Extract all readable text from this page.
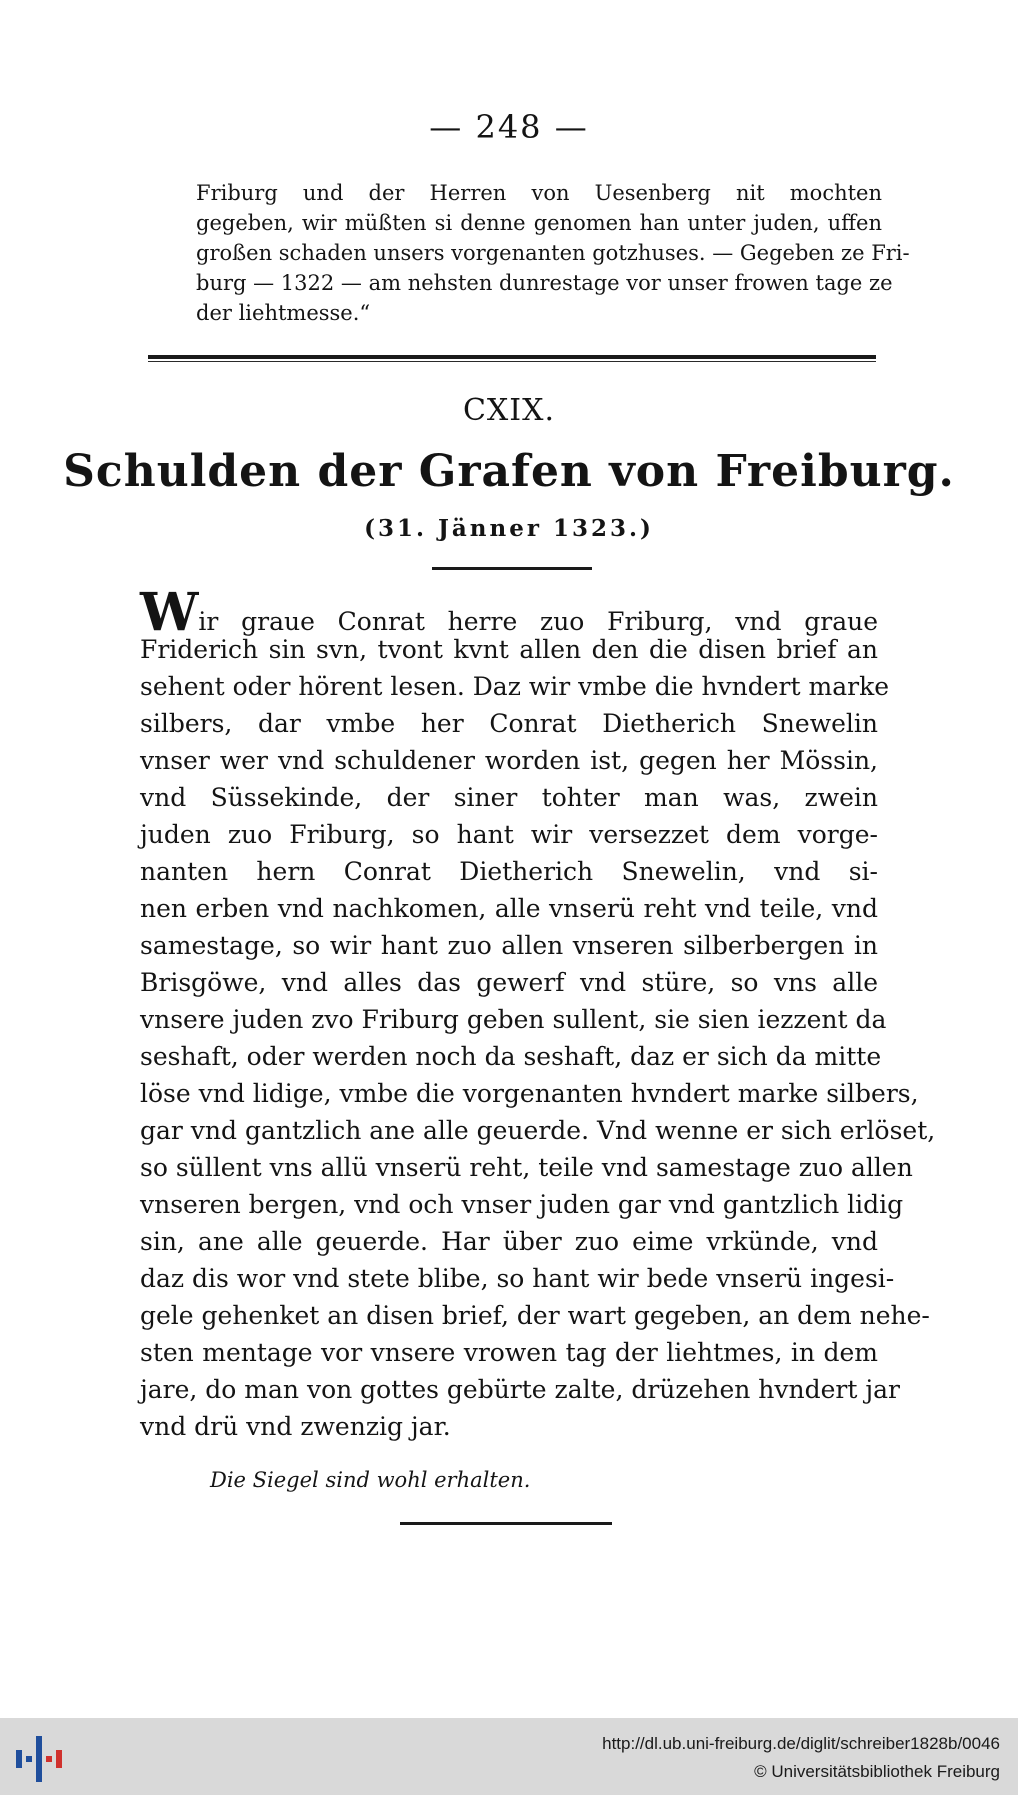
— 248 —
Friburg und der Herren von Uesenberg nit mochten
gegeben, wir müßten si denne genomen han unter juden, uffen
großen schaden unsers vorgenanten gotzhuses. — Gegeben ze Fri-
burg — 1322 — am nehsten dunrestage vor unser frowen tage ze
der liehtmesse.“
CXIX.
Schulden der Grafen von Freiburg.
(31. Jänner 1323.)
Wir graue Conrat herre zuo Friburg, vnd graue
Friderich sin svn, tvont kvnt allen den die disen brief an
sehent oder hörent lesen. Daz wir vmbe die hvndert marke
silbers, dar vmbe her Conrat Dietherich Snewelin
vnser wer vnd schuldener worden ist, gegen her Mössin,
vnd Süssekinde, der siner tohter man was, zwein
juden zuo Friburg, so hant wir versezzet dem vorge-
nanten hern Conrat Dietherich Snewelin, vnd si-
nen erben vnd nachkomen, alle vnserü reht vnd teile, vnd
samestage, so wir hant zuo allen vnseren silberbergen in
Brisgöwe, vnd alles das gewerf vnd stüre, so vns alle
vnsere juden zvo Friburg geben sullent, sie sien iezzent da
seshaft, oder werden noch da seshaft, daz er sich da mitte
löse vnd lidige, vmbe die vorgenanten hvndert marke silbers,
gar vnd gantzlich ane alle geuerde. Vnd wenne er sich erlöset,
so süllent vns allü vnserü reht, teile vnd samestage zuo allen
vnseren bergen, vnd och vnser juden gar vnd gantzlich lidig
sin, ane alle geuerde. Har über zuo eime vrkünde, vnd
daz dis wor vnd stete blibe, so hant wir bede vnserü ingesi-
gele gehenket an disen brief, der wart gegeben, an dem nehe-
sten mentage vor vnsere vrowen tag der liehtmes, in dem
jare, do man von gottes gebürte zalte, drüzehen hvndert jar
vnd drü vnd zwenzig jar.
Die Siegel sind wohl erhalten.
http://dl.ub.uni-freiburg.de/diglit/schreiber1828b/0046
© Universitätsbibliothek Freiburg
